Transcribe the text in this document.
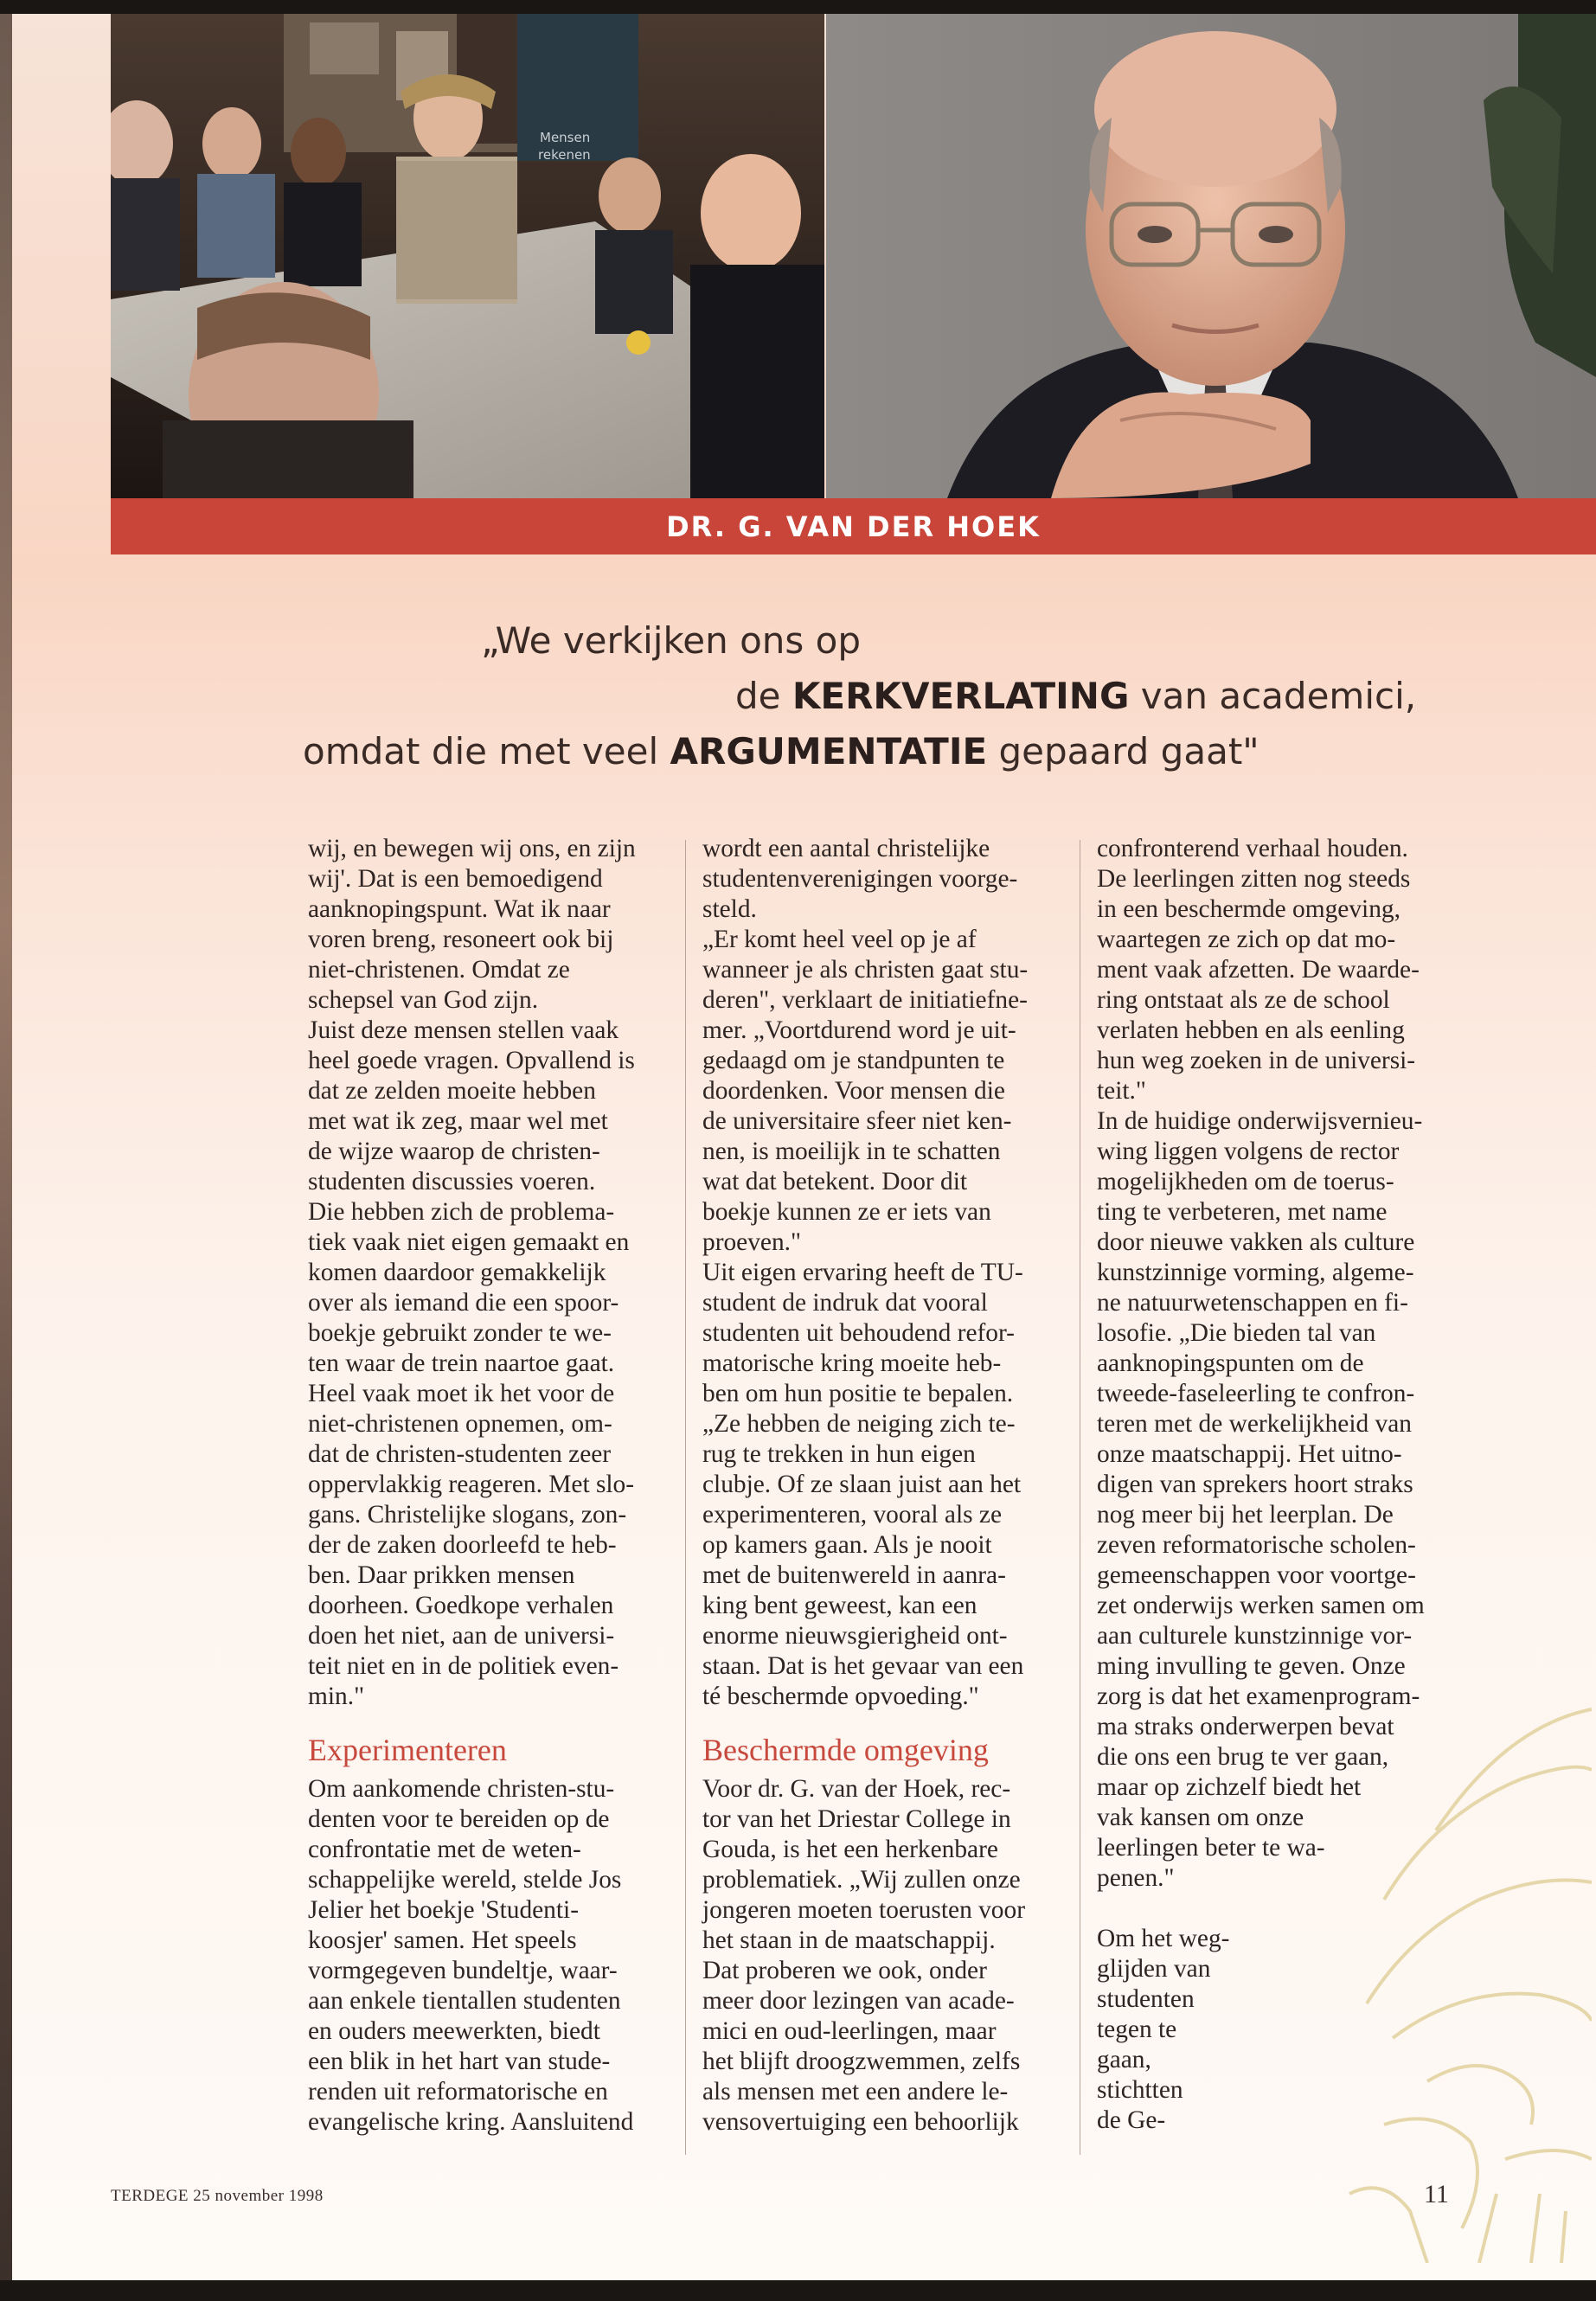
Mensen
rekenen
DR. G. VAN DER HOEK
„We verkijken ons op
de KERKVERLATING van academici,
omdat die met veel ARGUMENTATIE gepaard gaat"
wij, en bewegen wij ons, en zijn
wij'. Dat is een bemoedigend
aanknopingspunt. Wat ik naar
voren breng, resoneert ook bij
niet-christenen. Omdat ze
schepsel van God zijn.
Juist deze mensen stellen vaak
heel goede vragen. Opvallend is
dat ze zelden moeite hebben
met wat ik zeg, maar wel met
de wijze waarop de christen-
studenten discussies voeren.
Die hebben zich de problema-
tiek vaak niet eigen gemaakt en
komen daardoor gemakkelijk
over als iemand die een spoor-
boekje gebruikt zonder te we-
ten waar de trein naartoe gaat.
Heel vaak moet ik het voor de
niet-christenen opnemen, om-
dat de christen-studenten zeer
oppervlakkig reageren. Met slo-
gans. Christelijke slogans, zon-
der de zaken doorleefd te heb-
ben. Daar prikken mensen
doorheen. Goedkope verhalen
doen het niet, aan de universi-
teit niet en in de politiek even-
min."
Experimenteren
Om aankomende christen-stu-
denten voor te bereiden op de
confrontatie met de weten-
schappelijke wereld, stelde Jos
Jelier het boekje 'Studenti-
koosjer' samen. Het speels
vormgegeven bundeltje, waar-
aan enkele tientallen studenten
en ouders meewerkten, biedt
een blik in het hart van stude-
renden uit reformatorische en
evangelische kring. Aansluitend
wordt een aantal christelijke
studentenverenigingen voorge-
steld.
„Er komt heel veel op je af
wanneer je als christen gaat stu-
deren", verklaart de initiatiefne-
mer. „Voortdurend word je uit-
gedaagd om je standpunten te
doordenken. Voor mensen die
de universitaire sfeer niet ken-
nen, is moeilijk in te schatten
wat dat betekent. Door dit
boekje kunnen ze er iets van
proeven."
Uit eigen ervaring heeft de TU-
student de indruk dat vooral
studenten uit behoudend refor-
matorische kring moeite heb-
ben om hun positie te bepalen.
„Ze hebben de neiging zich te-
rug te trekken in hun eigen
clubje. Of ze slaan juist aan het
experimenteren, vooral als ze
op kamers gaan. Als je nooit
met de buitenwereld in aanra-
king bent geweest, kan een
enorme nieuwsgierigheid ont-
staan. Dat is het gevaar van een
té beschermde opvoeding."
Beschermde omgeving
Voor dr. G. van der Hoek, rec-
tor van het Driestar College in
Gouda, is het een herkenbare
problematiek. „Wij zullen onze
jongeren moeten toerusten voor
het staan in de maatschappij.
Dat proberen we ook, onder
meer door lezingen van acade-
mici en oud-leerlingen, maar
het blijft droogzwemmen, zelfs
als mensen met een andere le-
vensovertuiging een behoorlijk
confronterend verhaal houden.
De leerlingen zitten nog steeds
in een beschermde omgeving,
waartegen ze zich op dat mo-
ment vaak afzetten. De waarde-
ring ontstaat als ze de school
verlaten hebben en als eenling
hun weg zoeken in de universi-
teit."
In de huidige onderwijsvernieu-
wing liggen volgens de rector
mogelijkheden om de toerus-
ting te verbeteren, met name
door nieuwe vakken als culture
kunstzinnige vorming, algeme-
ne natuurwetenschappen en fi-
losofie. „Die bieden tal van
aanknopingspunten om de
tweede-faseleerling te confron-
teren met de werkelijkheid van
onze maatschappij. Het uitno-
digen van sprekers hoort straks
nog meer bij het leerplan. De
zeven reformatorische scholen-
gemeenschappen voor voortge-
zet onderwijs werken samen om
aan culturele kunstzinnige vor-
ming invulling te geven. Onze
zorg is dat het examenprogram-
ma straks onderwerpen bevat
die ons een brug te ver gaan,
maar op zichzelf biedt het
vak kansen om onze
leerlingen beter te wa-
penen."
Om het weg-
glijden van
studenten
tegen te
gaan,
stichtten
de Ge-
TERDEGE 25 november 1998	11
